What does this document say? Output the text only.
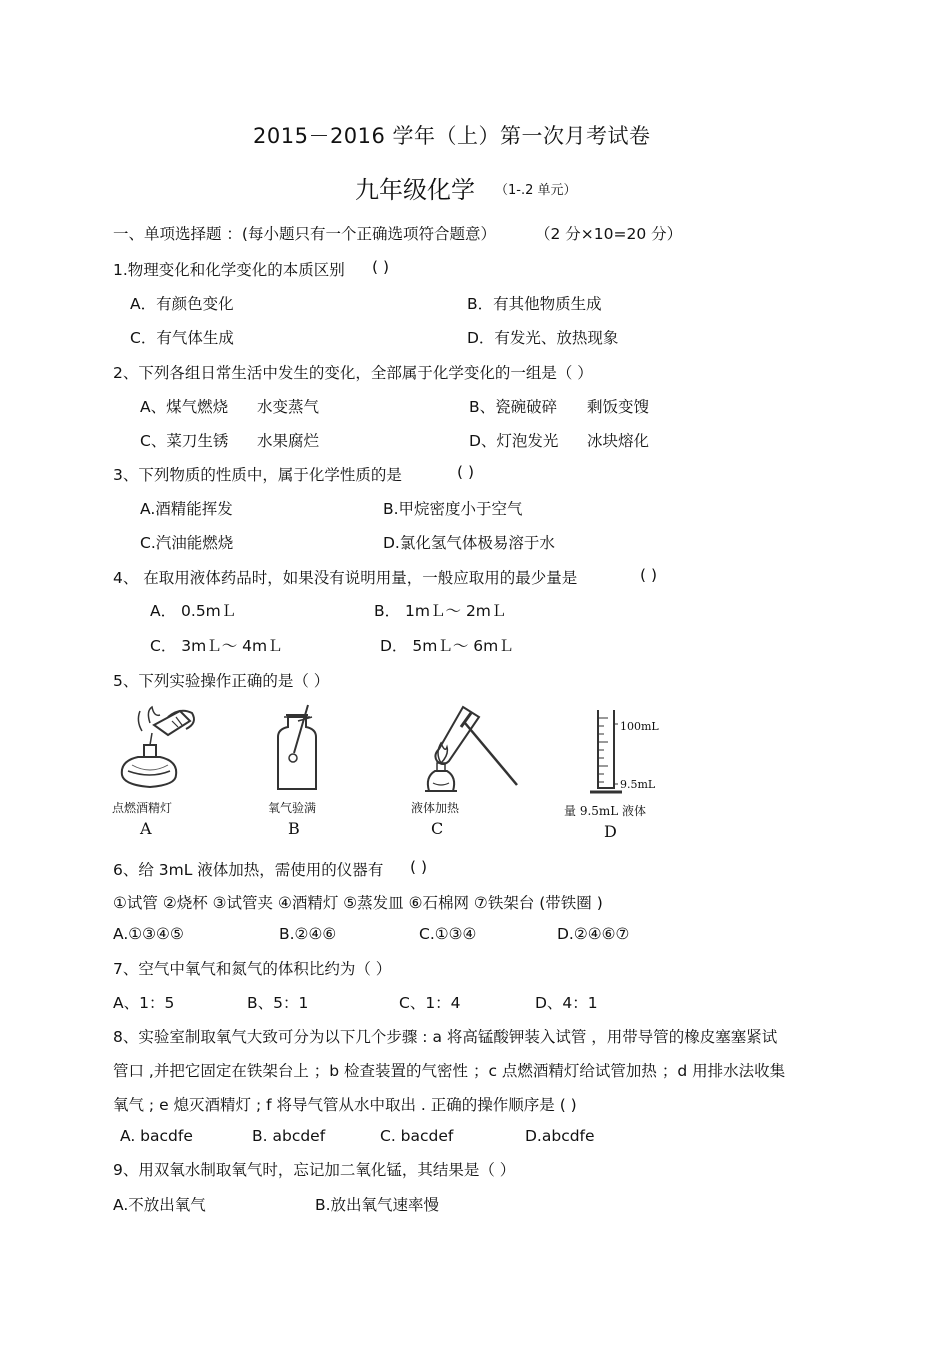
2015－2016 学年（上）第一次月考试卷
九年级化学 （1-.2 单元）
一、单项选择题 ：(每小题只有一个正确选项符合题意）	（2 分×10=20 分）
1.物理变化和化学变化的本质区别 ( )
A．有颜色变化	B．有其他物质生成
C．有气体生成	D．有发光、放热现象
2、下列各组日常生活中发生的变化，全部属于化学变化的一组是（ ）
A、煤气燃烧 水变蒸气	B、瓷碗破碎 剩饭变馊
C、菜刀生锈 水果腐烂	D、灯泡发光 冰块熔化
3、下列物质的性质中，属于化学性质的是	( )
A.酒精能挥发	B.甲烷密度小于空气
C.汽油能燃烧	D.氯化氢气体极易溶于水
4、 在取用液体药品时，如果没有说明用量，一般应取用的最少量是	( )
A． 0.5mＬ	B． 1mＬ～ 2mＬ
C． 3mＬ～ 4mＬ	D． 5mＬ～ 6mＬ
5、下列实验操作正确的是（ ）
点燃酒精灯
A
氧气验满
B
液体加热
C
100mL
9.5mL
量 9.5mL 液体
D
6、给 3mL 液体加热，需使用的仪器有 ( )
①试管 ②烧杯 ③试管夹 ④酒精灯 ⑤蒸发皿 ⑥石棉网 ⑦铁架台 (带铁圈 )
A.①③④⑤	B.②④⑥	C.①③④	D.②④⑥⑦
7、空气中氧气和氮气的体积比约为（ ）
A、1：5	B、5：1	C、1：4	D、4：1
8、实验室制取氧气大致可分为以下几个步骤 : a 将高锰酸钾装入试管 ，用带导管的橡皮塞塞紧试
管口 ,并把它固定在铁架台上 ；b 检查装置的气密性 ；c 点燃酒精灯给试管加热 ；d 用排水法收集
氧气 ; e 熄灭酒精灯 ; f 将导气管从水中取出 . 正确的操作顺序是 ( )
A. bacdfe	B. abcdef	C. bacdef	D.abcdfe
9、用双氧水制取氧气时，忘记加二氧化锰，其结果是（ ）
A.不放出氧气	B.放出氧气速率慢
